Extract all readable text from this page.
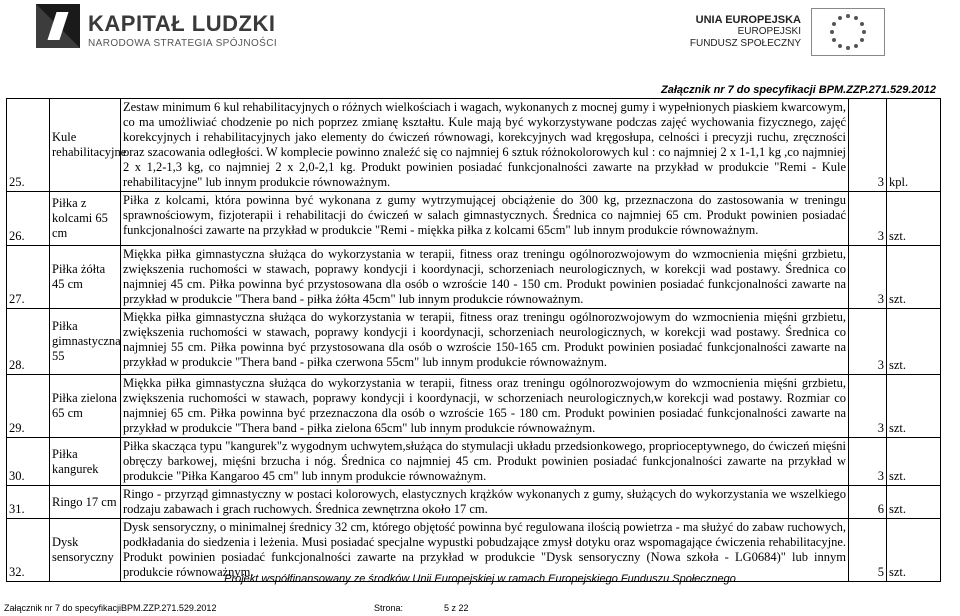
KAPITAŁ LUDZKI
NARODOWA STRATEGIA SPÓJNOŚCI
UNIA EUROPEJSKA
EUROPEJSKI
FUNDUSZ SPOŁECZNY
Załącznik nr 7 do specyfikacji BPM.ZZP.271.529.2012
25.	Kule rehabilitacyjne	Zestaw minimum 6 kul rehabilitacyjnych o różnych wielkościach i wagach, wykonanych z mocnej gumy i wypełnionych piaskiem kwarcowym, co ma umożliwiać chodzenie po nich poprzez zmianę kształtu. Kule mają być wykorzystywane podczas zajęć wychowania fizycznego, zajęć korekcyjnych i rehabilitacyjnych jako elementy do ćwiczeń równowagi, korekcyjnych wad kręgosłupa, celności i precyzji ruchu, zręczności oraz szacowania odległości. W komplecie powinno znaleźć się co najmniej 6 sztuk różnokolorowych kul : co najmniej 2 x 1-1,1 kg ,co najmniej 2 x 1,2-1,3 kg, co najmniej 2 x 2,0-2,1 kg. Produkt powinien posiadać funkcjonalności zawarte na przykład w produkcie "Remi - Kule rehabilitacyjne" lub innym produkcie równoważnym.	3	kpl.
26.	Piłka z kolcami 65 cm	Piłka z kolcami, która powinna być wykonana z gumy wytrzymującej obciążenie do 300 kg, przeznaczona do zastosowania w treningu sprawnościowym, fizjoterapii i rehabilitacji do ćwiczeń w salach gimnastycznych. Średnica co najmniej 65 cm. Produkt powinien posiadać funkcjonalności zawarte na przykład w produkcie "Remi - miękka piłka z kolcami 65cm" lub innym produkcie równoważnym.	3	szt.
27.	Piłka żółta 45 cm	Miękka piłka gimnastyczna służąca do wykorzystania w terapii, fitness oraz treningu ogólnorozwojowym do wzmocnienia mięśni grzbietu, zwiększenia ruchomości w stawach, poprawy kondycji i koordynacji, schorzeniach neurologicznych, w korekcji wad postawy. Średnica co najmniej 45 cm. Piłka powinna być przystosowana dla osób o wzroście 140 - 150 cm. Produkt powinien posiadać funkcjonalności zawarte na przykład w produkcie "Thera band - piłka żółta 45cm" lub innym produkcie równoważnym.	3	szt.
28.	Piłka gimnastyczna 55	Miękka piłka gimnastyczna służąca do wykorzystania w terapii, fitness oraz treningu ogólnorozwojowym do wzmocnienia mięśni grzbietu, zwiększenia ruchomości w stawach, poprawy kondycji i koordynacji, schorzeniach neurologicznych, w korekcji wad postawy. Średnica co najmniej 55 cm. Piłka powinna być przystosowana dla osób o wzroście 150-165 cm. Produkt powinien posiadać funkcjonalności zawarte na przykład w produkcie "Thera band - piłka czerwona 55cm" lub innym produkcie równoważnym.	3	szt.
29.	Piłka zielona 65 cm	Miękka piłka gimnastyczna służąca do wykorzystania w terapii, fitness oraz treningu ogólnorozwojowym do wzmocnienia mięśni grzbietu, zwiększenia ruchomości w stawach, poprawy kondycji i koordynacji, w schorzeniach neurologicznych,w korekcji wad postawy. Rozmiar co najmniej 65 cm. Piłka powinna być przeznaczona dla osób o wzroście 165 - 180 cm. Produkt powinien posiadać funkcjonalności zawarte na przykład w produkcie "Thera band - piłka zielona 65cm" lub innym produkcie równoważnym.	3	szt.
30.	Piłka kangurek	Piłka skacząca typu "kangurek"z wygodnym uchwytem,służąca do stymulacji układu przedsionkowego, proprioceptywnego, do ćwiczeń mięśni obręczy barkowej, mięśni brzucha i nóg. Średnica co najmniej 45 cm. Produkt powinien posiadać funkcjonalności zawarte na przykład w produkcie "Piłka Kangaroo 45 cm" lub innym produkcie równoważnym.	3	szt.
31.	Ringo 17 cm	Ringo - przyrząd gimnastyczny w postaci kolorowych, elastycznych krążków wykonanych z gumy, służących do wykorzystania we wszelkiego rodzaju zabawach i grach ruchowych. Średnica zewnętrzna około 17 cm.	6	szt.
32.	Dysk sensoryczny	Dysk sensoryczny, o minimalnej średnicy 32 cm, którego objętość powinna być regulowana ilością powietrza - ma służyć do zabaw ruchowych, podkładania do siedzenia i leżenia. Musi posiadać specjalne wypustki pobudzające zmysł dotyku oraz wspomagające ćwiczenia rehabilitacyjne. Produkt powinien posiadać funkcjonalności zawarte na przykład w produkcie "Dysk sensoryczny (Nowa szkoła - LG0684)" lub innym produkcie równoważnym.	5	szt.
Projekt współfinansowany ze środków Unii Europejskiej w ramach Europejskiego Funduszu Społecznego
Załącznik nr 7 do specyfikacjiBPM.ZZP.271.529.2012	Strona:	5 z 22
